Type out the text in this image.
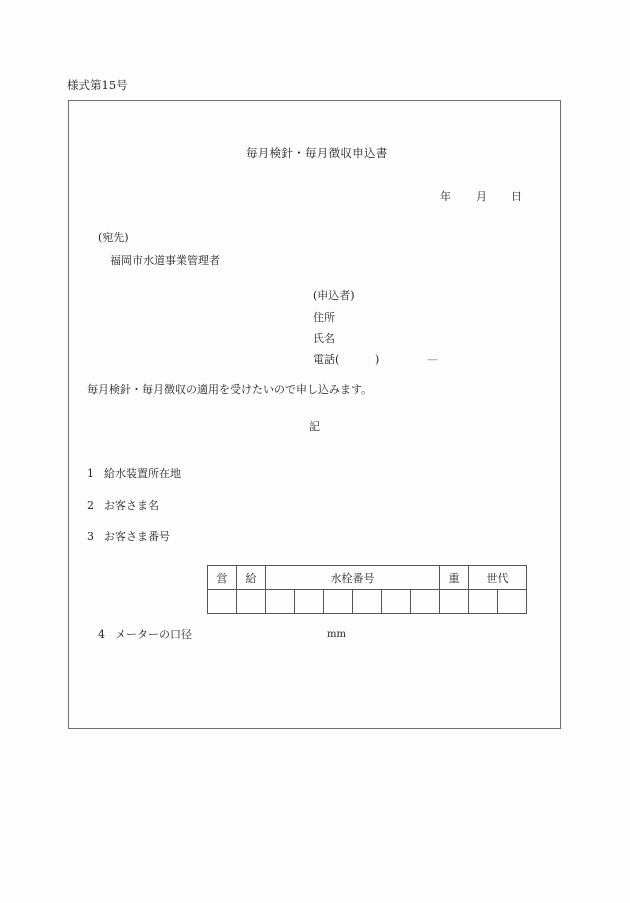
様式第15号
毎月検針・毎月徴収申込書
年 月 日
(宛先)
福岡市水道事業管理者
(申込者)
住所
氏名
電話(	)	—
毎月検針・毎月徴収の適用を受けたいので申し込みます。
記
1 給水装置所在地
2 お客さま名
3 お客さま番号
営	給	水栓番号						重	世代	

4 メーターの口径	mm
